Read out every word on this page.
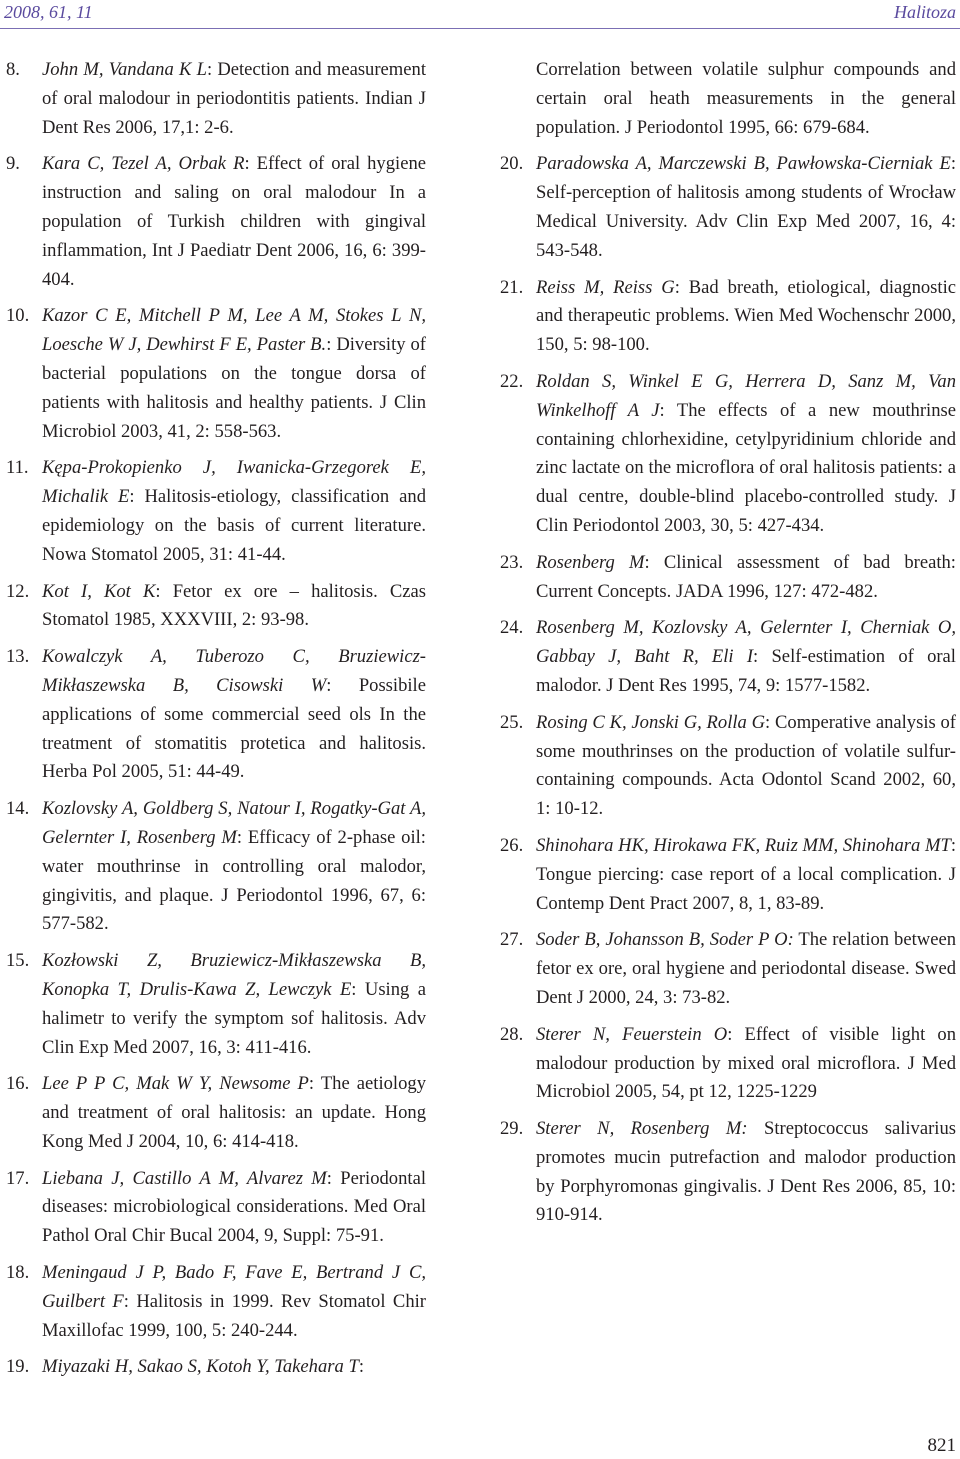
2008, 61, 11	Halitoza
8. John M, Vandana K L: Detection and measurement of oral malodour in periodontitis patients. Indian J Dent Res 2006, 17,1: 2-6.
9. Kara C, Tezel A, Orbak R: Effect of oral hygiene instruction and saling on oral malodour In a population of Turkish children with gingival inflammation, Int J Paediatr Dent 2006, 16, 6: 399-404.
10. Kazor C E, Mitchell P M, Lee A M, Stokes L N, Loesche W J, Dewhirst F E, Paster B.: Diversity of bacterial populations on the tongue dorsa of patients with halitosis and healthy patients. J Clin Microbiol 2003, 41, 2: 558-563.
11. Kępa-Prokopienko J, Iwanicka-Grzegorek E, Michalik E: Halitosis-etiology, classification and epidemiology on the basis of current literature. Nowa Stomatol 2005, 31: 41-44.
12. Kot I, Kot K: Fetor ex ore – halitosis. Czas Stomatol 1985, XXXVIII, 2: 93-98.
13. Kowalczyk A, Tuberozo C, Bruziewicz-Mikłaszewska B, Cisowski W: Possibile applications of some commercial seed ols In the treatment of stomatitis protetica and halitosis. Herba Pol 2005, 51: 44-49.
14. Kozlovsky A, Goldberg S, Natour I, Rogatky-Gat A, Gelernter I, Rosenberg M: Efficacy of 2-phase oil: water mouthrinse in controlling oral malodor, gingivitis, and plaque. J Periodontol 1996, 67, 6: 577-582.
15. Kozłowski Z, Bruziewicz-Mikłaszewska B, Konopka T, Drulis-Kawa Z, Lewczyk E: Using a halimetr to verify the symptom sof halitosis. Adv Clin Exp Med 2007, 16, 3: 411-416.
16. Lee P P C, Mak W Y, Newsome P: The aetiology and treatment of oral halitosis: an update. Hong Kong Med J 2004, 10, 6: 414-418.
17. Liebana J, Castillo A M, Alvarez M: Periodontal diseases: microbiological considerations. Med Oral Pathol Oral Chir Bucal 2004, 9, Suppl: 75-91.
18. Meningaud J P, Bado F, Fave E, Bertrand J C, Guilbert F: Halitosis in 1999. Rev Stomatol Chir Maxillofac 1999, 100, 5: 240-244.
19. Miyazaki H, Sakao S, Kotoh Y, Takehara T:
Correlation between volatile sulphur compounds and certain oral heath measurements in the general population. J Periodontol 1995, 66: 679-684.
20. Paradowska A, Marczewski B, Pawłowska-Cierniak E: Self-perception of halitosis among students of Wrocław Medical University. Adv Clin Exp Med 2007, 16, 4: 543-548.
21. Reiss M, Reiss G: Bad breath, etiological, diagnostic and therapeutic problems. Wien Med Wochenschr 2000, 150, 5: 98-100.
22. Roldan S, Winkel E G, Herrera D, Sanz M, Van Winkelhoff A J: The effects of a new mouthrinse containing chlorhexidine, cetylpyridinium chloride and zinc lactate on the microflora of oral halitosis patients: a dual centre, double-blind placebo-controlled study. J Clin Periodontol 2003, 30, 5: 427-434.
23. Rosenberg M: Clinical assessment of bad breath: Current Concepts. JADA 1996, 127: 472-482.
24. Rosenberg M, Kozlovsky A, Gelernter I, Cherniak O, Gabbay J, Baht R, Eli I: Self-estimation of oral malodor. J Dent Res 1995, 74, 9: 1577-1582.
25. Rosing C K, Jonski G, Rolla G: Comperative analysis of some mouthrinses on the production of volatile sulfur-containing compounds. Acta Odontol Scand 2002, 60, 1: 10-12.
26. Shinohara HK, Hirokawa FK, Ruiz MM, Shinohara MT: Tongue piercing: case report of a local complication. J Contemp Dent Pract 2007, 8, 1, 83-89.
27. Soder B, Johansson B, Soder P O: The relation between fetor ex ore, oral hygiene and periodontal disease. Swed Dent J 2000, 24, 3: 73-82.
28. Sterer N, Feuerstein O: Effect of visible light on malodour production by mixed oral microflora. J Med Microbiol 2005, 54, pt 12, 1225-1229
29. Sterer N, Rosenberg M: Streptococcus salivarius promotes mucin putrefaction and malodor production by Porphyromonas gingivalis. J Dent Res 2006, 85, 10: 910-914.
821
